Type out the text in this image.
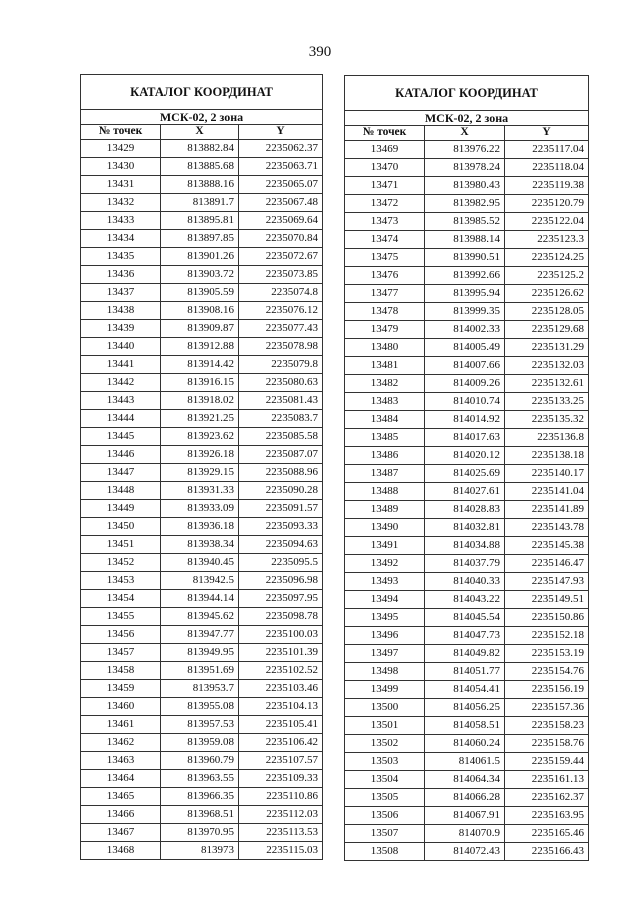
390
КАТАЛОГ КООРДИНАТ		
МСК-02, 2 зона		
№ точек	X	Y
13429	813882.84	2235062.37
13430	813885.68	2235063.71
13431	813888.16	2235065.07
13432	813891.7	2235067.48
13433	813895.81	2235069.64
13434	813897.85	2235070.84
13435	813901.26	2235072.67
13436	813903.72	2235073.85
13437	813905.59	2235074.8
13438	813908.16	2235076.12
13439	813909.87	2235077.43
13440	813912.88	2235078.98
13441	813914.42	2235079.8
13442	813916.15	2235080.63
13443	813918.02	2235081.43
13444	813921.25	2235083.7
13445	813923.62	2235085.58
13446	813926.18	2235087.07
13447	813929.15	2235088.96
13448	813931.33	2235090.28
13449	813933.09	2235091.57
13450	813936.18	2235093.33
13451	813938.34	2235094.63
13452	813940.45	2235095.5
13453	813942.5	2235096.98
13454	813944.14	2235097.95
13455	813945.62	2235098.78
13456	813947.77	2235100.03
13457	813949.95	2235101.39
13458	813951.69	2235102.52
13459	813953.7	2235103.46
13460	813955.08	2235104.13
13461	813957.53	2235105.41
13462	813959.08	2235106.42
13463	813960.79	2235107.57
13464	813963.55	2235109.33
13465	813966.35	2235110.86
13466	813968.51	2235112.03
13467	813970.95	2235113.53
13468	813973	2235115.03
КАТАЛОГ КООРДИНАТ		
МСК-02, 2 зона		
№ точек	X	Y
13469	813976.22	2235117.04
13470	813978.24	2235118.04
13471	813980.43	2235119.38
13472	813982.95	2235120.79
13473	813985.52	2235122.04
13474	813988.14	2235123.3
13475	813990.51	2235124.25
13476	813992.66	2235125.2
13477	813995.94	2235126.62
13478	813999.35	2235128.05
13479	814002.33	2235129.68
13480	814005.49	2235131.29
13481	814007.66	2235132.03
13482	814009.26	2235132.61
13483	814010.74	2235133.25
13484	814014.92	2235135.32
13485	814017.63	2235136.8
13486	814020.12	2235138.18
13487	814025.69	2235140.17
13488	814027.61	2235141.04
13489	814028.83	2235141.89
13490	814032.81	2235143.78
13491	814034.88	2235145.38
13492	814037.79	2235146.47
13493	814040.33	2235147.93
13494	814043.22	2235149.51
13495	814045.54	2235150.86
13496	814047.73	2235152.18
13497	814049.82	2235153.19
13498	814051.77	2235154.76
13499	814054.41	2235156.19
13500	814056.25	2235157.36
13501	814058.51	2235158.23
13502	814060.24	2235158.76
13503	814061.5	2235159.44
13504	814064.34	2235161.13
13505	814066.28	2235162.37
13506	814067.91	2235163.95
13507	814070.9	2235165.46
13508	814072.43	2235166.43
